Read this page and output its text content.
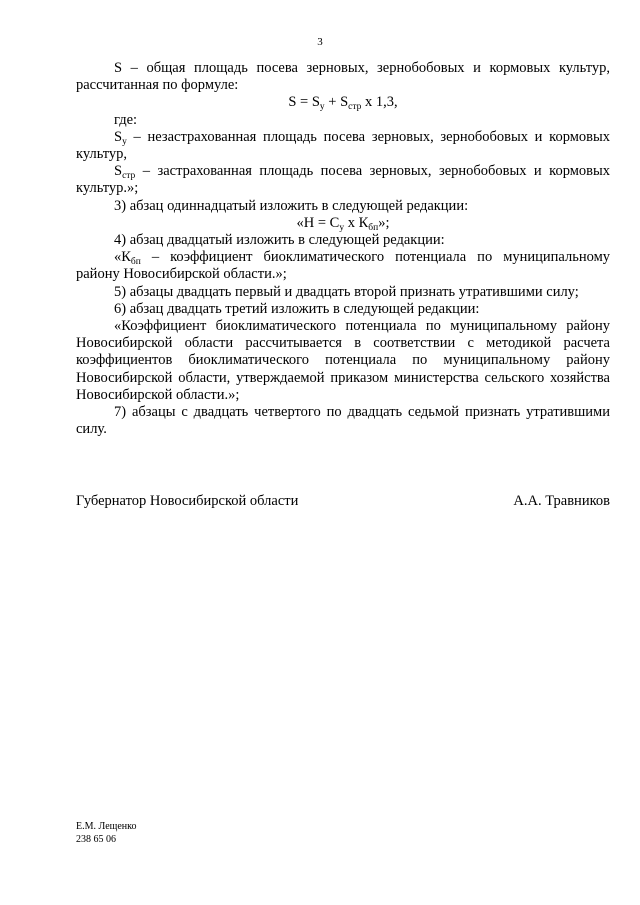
3

S – общая площадь посева зерновых, зернобобовых и кормовых культур, рассчитанная по формуле:

$S = S_у + S_{стр}$ х 1,3,

где:

$S_у$ – незастрахованная площадь посева зерновых, зернобобовых и кормовых культур,

$S_{стр}$ – застрахованная площадь посева зерновых, зернобобовых и кормовых культур.»;

3) абзац одиннадцатый изложить в следующей редакции:

«$Н = С_у$ х $К_{бп}$»;

4) абзац двадцатый изложить в следующей редакции:

«$К_{бп}$ – коэффициент биоклиматического потенциала по муниципальному району Новосибирской области.»;

5) абзацы двадцать первый и двадцать второй признать утратившими силу;

6) абзац двадцать третий изложить в следующей редакции:

«Коэффициент биоклиматического потенциала по муниципальному району Новосибирской области рассчитывается в соответствии с методикой расчета коэффициентов биоклиматического потенциала по муниципальному району Новосибирской области, утверждаемой приказом министерства сельского хозяйства Новосибирской области.»;

7) абзацы с двадцать четвертого по двадцать седьмой признать утратившими силу.

Губернатор Новосибирской области	А.А. Травников
Е.М. Лещенко
238 65 06
